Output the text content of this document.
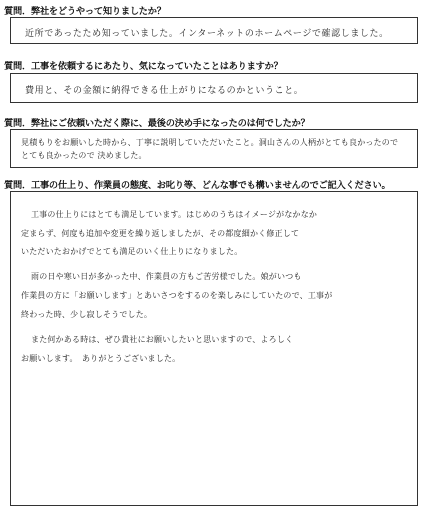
質問．弊社をどうやって知りましたか？
近所であったため知っていました。インターネットのホームページで確認しました。
質問．工事を依頼するにあたり、気になっていたことはありますか？
費用と、その金額に納得できる仕上がりになるのかということ。
質問．弊社にご依頼いただく際に、最後の決め手になったのは何でしたか？
見積もりをお願いした時から、丁寧に説明していただいたこと。洞山さんの人柄がとても良かったので
とても良かったので 決めました。
質問．工事の仕上り、作業員の態度、お叱り等、どんな事でも構いませんのでご記入ください。
工事の仕上りにはとても満足しています。はじめのうちはイメージがなかなか
定まらず、何度も追加や変更を繰り返しましたが、その都度細かく修正して
いただいたおかげでとても満足のいく仕上りになりました。
雨の日や寒い日が多かった中、作業員の方もご苦労様でした。娘がいつも
作業員の方に「お願いします」とあいさつをするのを楽しみにしていたので、工事が
終わった時、少し寂しそうでした。
また何かある時は、ぜひ貴社にお願いしたいと思いますので、よろしく
お願いします。　ありがとうございました。
